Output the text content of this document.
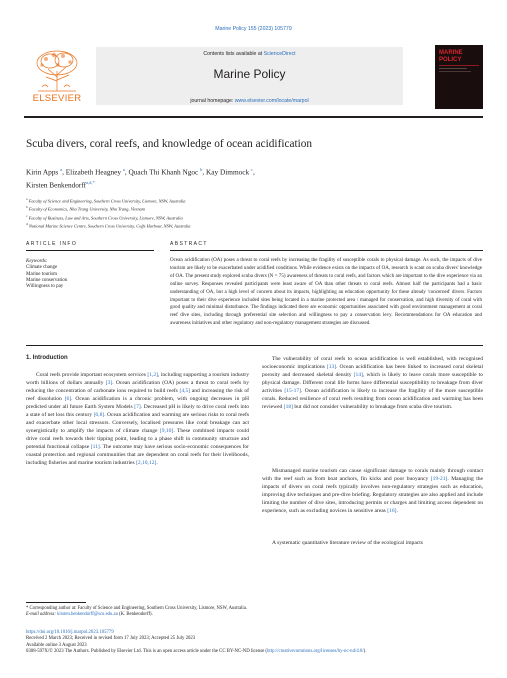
Marine Policy 155 (2023) 105779
ELSEVIER
Contents lists available at ScienceDirect
Marine Policy
journal homepage: www.elsevier.com/locate/marpol
MARINE POLICY
Scuba divers, coral reefs, and knowledge of ocean acidification
Kirin Apps $^a$, Elizabeth Heagney $^a$, Quach Thi Khanh Ngoc $^b$, Kay Dimmock $^c$,
Kirsten Benkendorff$^{a,d,*}$
$^a$ Faculty of Science and Engineering, Southern Cross University, Lismore, NSW, Australia
$^b$ Faculty of Economics, Nha Trang University, Nha Trang, Vietnam
$^c$ Faculty of Business, Law and Arts, Southern Cross University, Lismore, NSW, Australia
$^d$ National Marine Science Centre, Southern Cross University, Coffs Harbour, NSW, Australia
ARTICLE INFO	ABSTRACT
Keywords:
Climate change
Marine tourism
Marine conservation
Willingness to pay
Ocean acidification (OA) poses a threat to coral reefs by increasing the fragility of susceptible corals to physical damage. As such, the impacts of dive tourism are likely to be exacerbated under acidified conditions. While evidence exists on the impacts of OA, research is scant on scuba divers' knowledge of OA. The present study explored scuba divers (N = 75) awareness of threats to coral reefs, and factors which are important to the dive experience via an online survey. Responses revealed participants were least aware of OA than other threats to coral reefs. Almost half the participants had a basic understanding of OA, but a high level of concern about its impacts, highlighting an education opportunity for these already 'concerned' divers. Factors important to their dive experience included sites being located in a marine protected area / managed for conservation, and high diversity of coral with good quality and minimal disturbance. The findings indicated there are economic opportunities associated with good environment management at coral reef dive sites, including through preferential site selection and willingness to pay a conservation levy. Recommendations for OA education and awareness initiatives and other regulatory and non-regulatory management strategies are discussed.
1. Introduction
Coral reefs provide important ecosystem services [1,2], including supporting a tourism industry worth billions of dollars annually [3]. Ocean acidification (OA) poses a threat to coral reefs by reducing the concentration of carbonate ions required to build reefs [4,5] and increasing the risk of reef dissolution [6]. Ocean acidification is a chronic problem, with ongoing decreases in pH predicted under all future Earth System Models [7]. Decreased pH is likely to drive coral reefs into a state of net loss this century [6,8]. Ocean acidification and warming are serious risks to coral reefs and exacerbate other local stressors. Conversely, localised pressures like coral breakage can act synergistically to amplify the impacts of climate change [9,10]. These combined impacts could drive coral reefs towards their tipping point, leading to a phase shift in community structure and potential functional collapse [11]. The outcome may have serious socio-economic consequences for coastal protection and regional communities that are dependent on coral reefs for their livelihoods, including fisheries and marine tourism industries [2,10,12].
The vulnerability of coral reefs to ocean acidification is well established, with recognised socioeconomic implications [13]. Ocean acidification has been linked to increased coral skeletal porosity and decreased skeletal density [14], which is likely to leave corals more susceptible to physical damage. Different coral life forms have differential susceptibility to breakage from diver activities [15-17]. Ocean acidification is likely to increase the fragility of the more susceptible corals. Reduced resilience of coral reefs resulting from ocean acidification and warming has been reviewed [18] but did not consider vulnerability to breakage from scuba dive tourism.
Mismanaged marine tourism can cause significant damage to corals mainly through contact with the reef such as from boat anchors, fin kicks and poor buoyancy [19-21]. Managing the impacts of divers on coral reefs typically involves non-regulatory strategies such as education, improving dive techniques and pre-dive briefing. Regulatory strategies are also applied and include limiting the number of dive sites, introducing permits or charges and limiting access dependent on experience, such as excluding novices in sensitive areas [16].
A systematic quantitative literature review of the ecological impacts
* Corresponding author at: Faculty of Science and Engineering, Southern Cross University, Lismore, NSW, Australia.
E-mail address: kirsten.benkendorff@scu.edu.au (K. Benkendorff).
https://doi.org/10.1016/j.marpol.2023.105779
Received 2 March 2023; Received in revised form 17 July 2023; Accepted 25 July 2023
Available online 3 August 2023
0308-597X/© 2023 The Authors. Published by Elsevier Ltd. This is an open access article under the CC BY-NC-ND license (http://creativecommons.org/licenses/by-nc-nd/4.0/).
